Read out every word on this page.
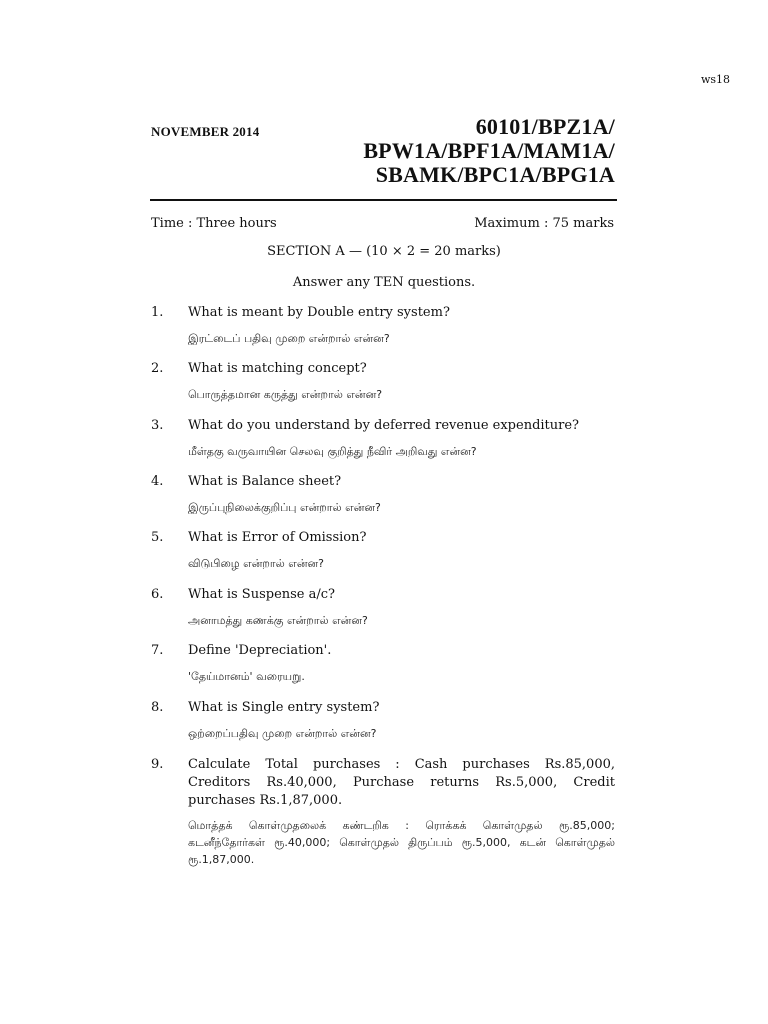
ws18
NOVEMBER 2014	60101/BPZ1A/
BPW1A/BPF1A/MAM1A/
SBAMK/BPC1A/BPG1A
Time : Three hours	Maximum : 75 marks
SECTION A — (10 × 2 = 20 marks)
Answer any TEN questions.
1. What is meant by Double entry system?
இரட்டைப் பதிவு முறை என்றால் என்ன?
2. What is matching concept?
பொருத்தமான கருத்து என்றால் என்ன?
3. What do you understand by deferred revenue expenditure?
மீள்தகு வருவாயின செலவு குறித்து நீவிர் அறிவது என்ன?
4. What is Balance sheet?
இருப்புநிலைக்குறிப்பு என்றால் என்ன?
5. What is Error of Omission?
விடுபிழை என்றால் என்ன?
6. What is Suspense a/c?
அனாமத்து கணக்கு என்றால் என்ன?
7. Define 'Depreciation'.
'தேய்மானம்' வரையறு.
8. What is Single entry system?
ஒற்றைப்பதிவு முறை என்றால் என்ன?
9. Calculate Total purchases : Cash purchases Rs.85,000, Creditors Rs.40,000, Purchase returns Rs.5,000, Credit purchases Rs.1,87,000.
மொத்தக் கொள்முதலைக் கண்டறிக : ரொக்கக் கொள்முதல் ரூ.85,000; கடனீந்தோர்கள் ரூ.40,000; கொள்முதல் திருப்பம் ரூ.5,000, கடன் கொள்முதல் ரூ.1,87,000.
